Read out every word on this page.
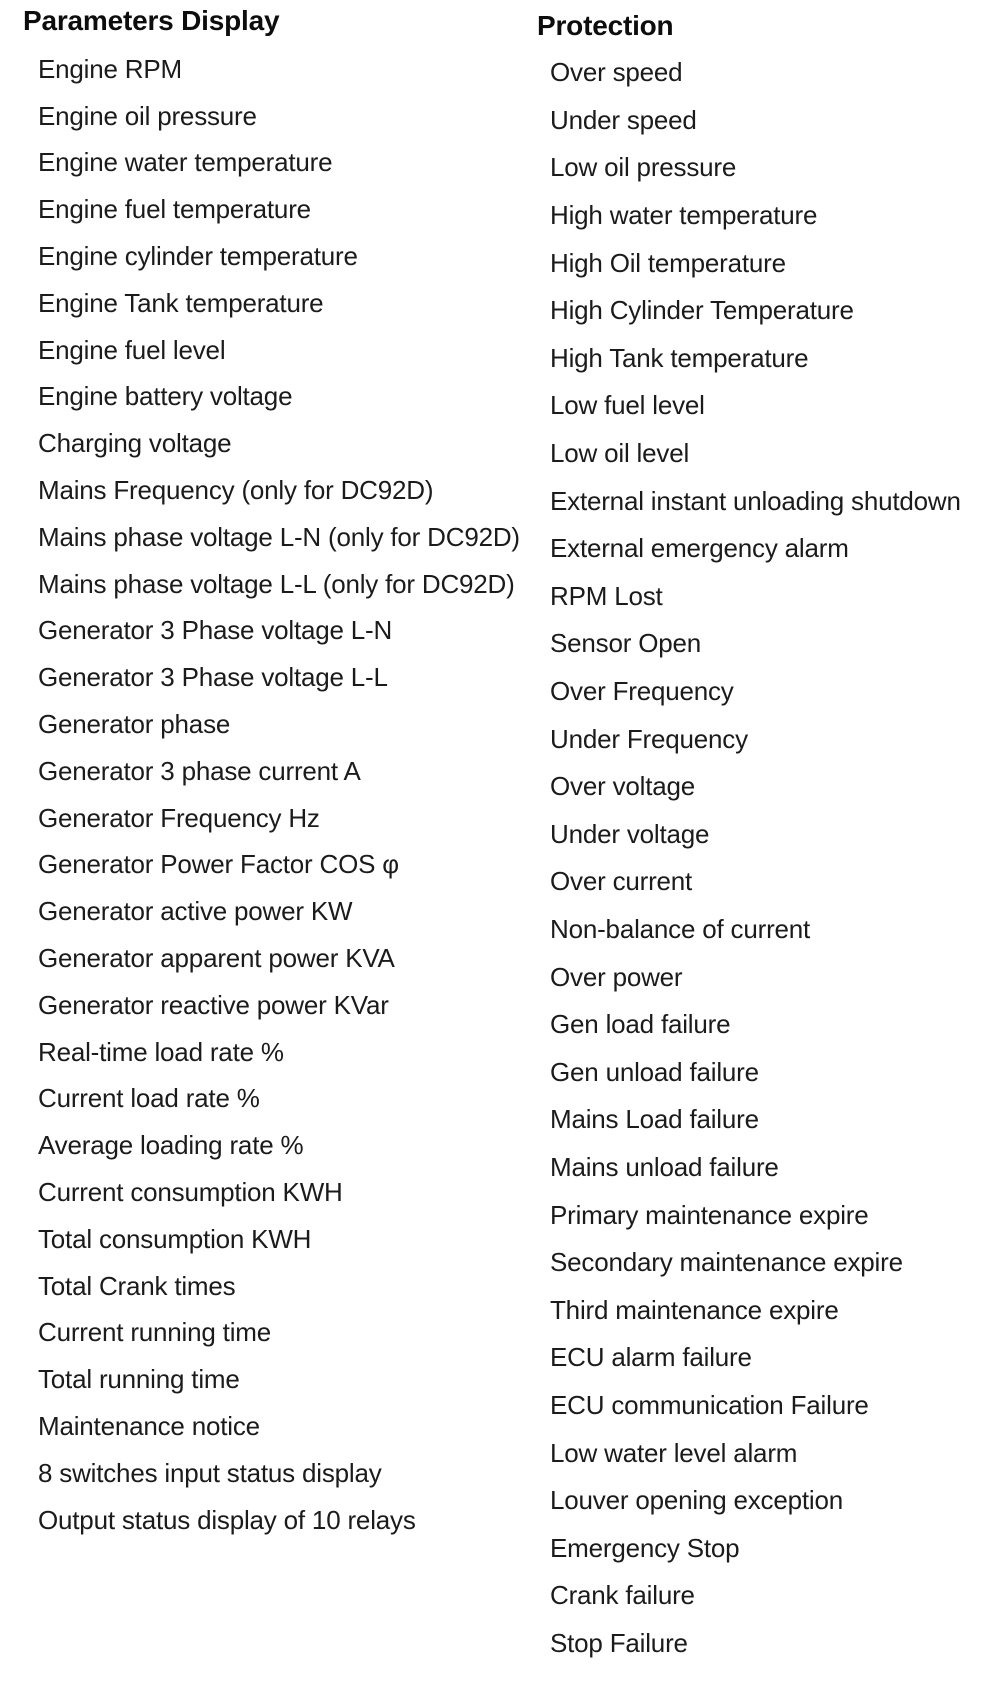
Parameters Display
Engine RPM
Engine oil pressure
Engine water temperature
Engine fuel temperature
Engine cylinder temperature
Engine Tank temperature
Engine fuel level
Engine battery voltage
Charging voltage
Mains Frequency (only for DC92D)
Mains phase voltage L-N (only for DC92D)
Mains phase voltage L-L (only for DC92D)
Generator 3 Phase voltage L-N
Generator 3 Phase voltage L-L
Generator phase
Generator 3 phase current A
Generator Frequency Hz
Generator Power Factor COS φ
Generator active power KW
Generator apparent power KVA
Generator reactive power KVar
Real-time load rate %
Current load rate %
Average loading rate %
Current consumption KWH
Total consumption KWH
Total Crank times
Current running time
Total running time
Maintenance notice
8 switches input status display
Output status display of 10 relays
Protection
Over speed
Under speed
Low oil pressure
High water temperature
High Oil temperature
High Cylinder Temperature
High Tank temperature
Low fuel level
Low oil level
External instant unloading shutdown
External emergency alarm
RPM Lost
Sensor Open
Over Frequency
Under Frequency
Over voltage
Under voltage
Over current
Non-balance of current
Over power
Gen load failure
Gen unload failure
Mains Load failure
Mains unload failure
Primary maintenance expire
Secondary maintenance expire
Third maintenance expire
ECU alarm failure
ECU communication Failure
Low water level alarm
Louver opening exception
Emergency Stop
Crank failure
Stop Failure
